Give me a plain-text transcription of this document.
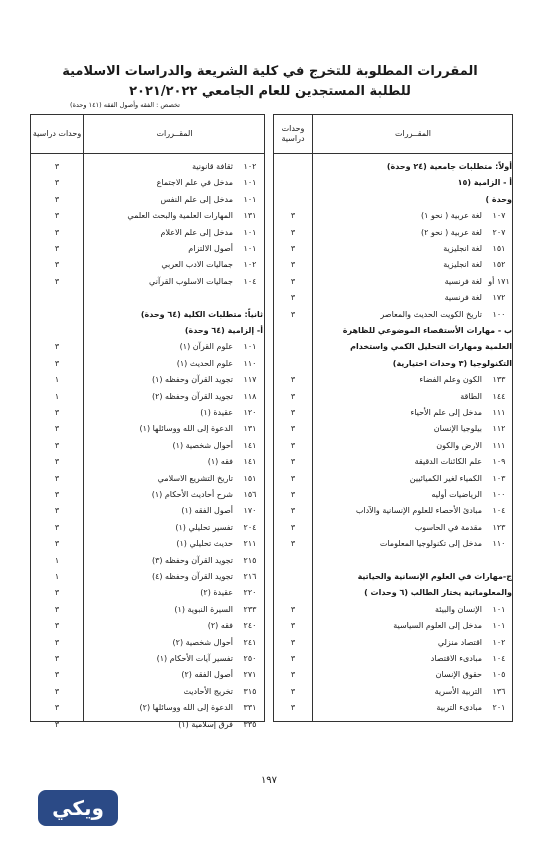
المقررات المطلوبة للتخرج في كلية الشريعة والدراسات الاسلامية
للطلبة المستجدين للعام الجامعي ٢٠٢١/٢٠٢٢
تخصص : الفقه وأصول الفقه (١٤١ وحدة)
المقــررات
وحدات دراسية
أولاً: متطلبات جامعية (٢٤ وحدة)
أ - الزامية (١٥
وحدة )
١٠٧
لغة عربية ( نحو ١)
٣
٢٠٧
لغة عربية ( نحو ٢)
٣
١٥١
لغة انجليزية
٣
١٥٢
لغة انجليزية
٣
١٧١ أو
لغة فرنسية
٣
١٧٢
لغة فرنسية
٣
١٠٠
تاريخ الكويت الحديث والمعاصر
٣
ب - مهارات الأستقصاء الموضوعي للظاهرة
العلمية ومهارات التحليل الكمي واستخدام
التكنولوجيا (٣ وحدات اختيارية)
١٣٣
الكون وعلم الفضاء
٣
١٤٤
الطاقة
٣
١١١
مدخل إلى علم الأحياء
٣
١١٢
بيلوجيا الإنسان
٣
١١١
الارض والكون
٣
١٠٩
علم الكائنات الدقيقة
٣
١٠٣
الكمياء لغير الكميائيين
٣
١٠٠
الرياضيات أوليه
٣
١٠٤
مبادئ الأحصاء للعلوم الإنسانية والآداب
٣
١٢٣
مقدمة في الحاسوب
٣
١١٠
مدخل إلى تكنولوجيا المعلومات
٣
ج-مهارات في العلوم الإنسانية والحياتية
والمعلوماتية يختار الطالب (٦ وحدات )
١٠١
الإنسان والبيئة
٣
١٠١
مدخل إلى العلوم السياسية
٣
١٠٢
اقتصاد منزلي
٣
١٠٤
مبادىء الاقتصاد
٣
١٠٥
حقوق الإنسان
٣
١٣٦
التربية الأسرية
٣
٢٠١
مبادىء التربية
٣
المقــررات
وحدات دراسية
١٠٢
ثقافة قانونية
٣
١٠١
مدخل في علم الاجتماع
٣
١٠١
مدخل إلى علم النفس
٣
١٣١
المهارات العلمية والبحث العلمي
٣
١٠١
مدخل إلى علم الاعلام
٣
١٠١
أصول الالتزام
٣
١٠٢
جماليات الادب العربي
٣
١٠٤
جماليات الاسلوب القرآني
٣
ثانياً: متطلبات الكلية (٦٤ وحدة)
أ- إلزامية (٦٤ وحدة)
١٠١
علوم القرآن (١)
٣
١١٠
علوم الحديث (١)
٣
١١٧
تجويد القرآن وحفظه (١)
١
١١٨
تجويد القرآن وحفظه (٢)
١
١٢٠
عقيدة (١)
٣
١٣١
الدعوة إلى الله ووسائلها (١)
٣
١٤١
أحوال شخصية (١)
٣
١٤١
فقه (١)
٣
١٥١
تاريخ التشريع الاسلامي
٣
١٥٦
شرح أحاديث الأحكام (١)
٣
١٧٠
أصول الفقه (١)
٣
٢٠٤
تفسير تحليلي (١)
٣
٢١١
حديث تحليلي (١)
٣
٢١٥
تجويد القرآن وحفظه (٣)
١
٢١٦
تجويد القرآن وحفظه (٤)
١
٢٢٠
عقيدة (٢)
٣
٢٣٣
السيرة النبوية (١)
٣
٢٤٠
فقه (٢)
٣
٢٤١
أحوال شخصية (٢)
٣
٢٥٠
تفسير آيات الأحكام (١)
٣
٢٧١
أصول الفقه (٢)
٣
٣١٥
تخريج الأحاديث
٣
٣٣١
الدعوة إلى الله ووسائلها (٢)
٣
٣٣٥
فرق إسلامية (١)
٣
١٩٧
ويكي
